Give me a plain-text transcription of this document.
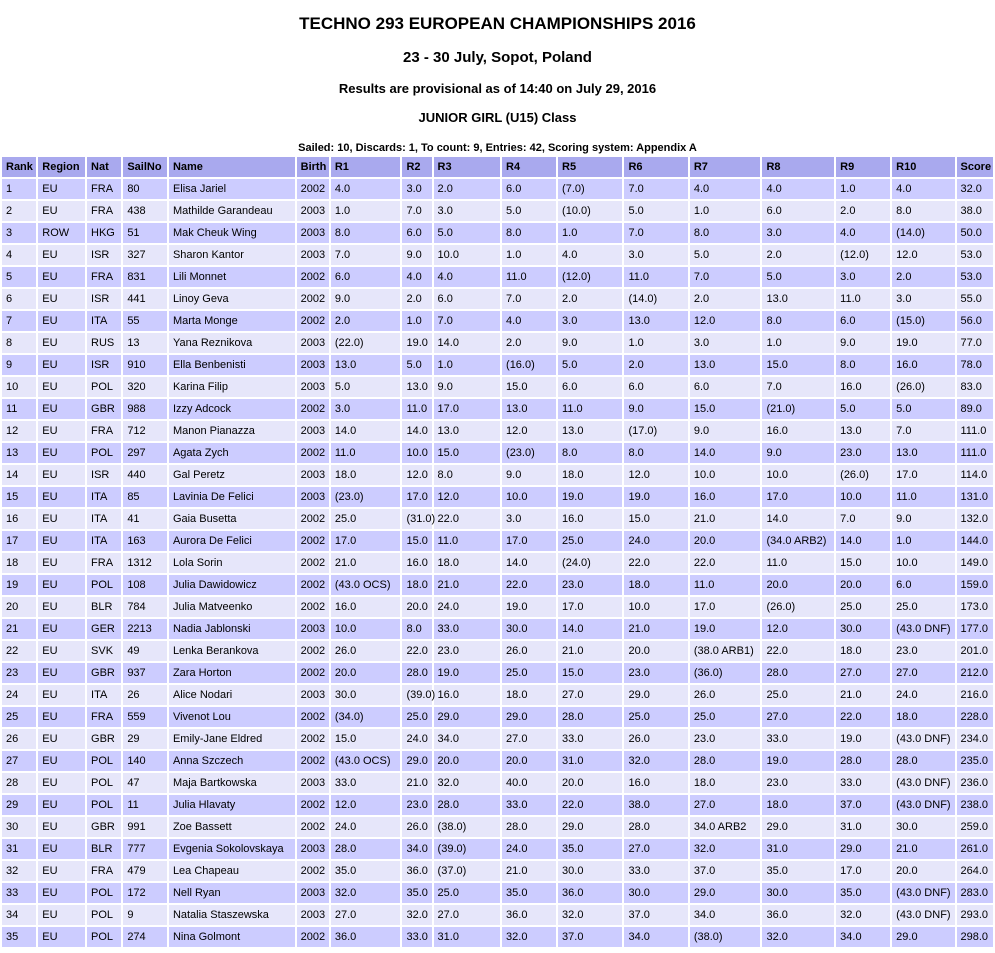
TECHNO 293 EUROPEAN CHAMPIONSHIPS 2016
23 - 30 July, Sopot, Poland
Results are provisional as of 14:40 on July 29, 2016
JUNIOR GIRL (U15) Class
Sailed: 10, Discards: 1, To count: 9, Entries: 42, Scoring system: Appendix A
Rank	Region	Nat	SailNo	Name	Birth	R1	R2	R3	R4	R5	R6	R7	R8	R9	R10	Score
1	EU	FRA	80	Elisa Jariel	2002	4.0	3.0	2.0	6.0	(7.0)	7.0	4.0	4.0	1.0	4.0	32.0
2	EU	FRA	438	Mathilde Garandeau	2003	1.0	7.0	3.0	5.0	(10.0)	5.0	1.0	6.0	2.0	8.0	38.0
3	ROW	HKG	51	Mak Cheuk Wing	2003	8.0	6.0	5.0	8.0	1.0	7.0	8.0	3.0	4.0	(14.0)	50.0
4	EU	ISR	327	Sharon Kantor	2003	7.0	9.0	10.0	1.0	4.0	3.0	5.0	2.0	(12.0)	12.0	53.0
5	EU	FRA	831	Lili Monnet	2002	6.0	4.0	4.0	11.0	(12.0)	11.0	7.0	5.0	3.0	2.0	53.0
6	EU	ISR	441	Linoy Geva	2002	9.0	2.0	6.0	7.0	2.0	(14.0)	2.0	13.0	11.0	3.0	55.0
7	EU	ITA	55	Marta Monge	2002	2.0	1.0	7.0	4.0	3.0	13.0	12.0	8.0	6.0	(15.0)	56.0
8	EU	RUS	13	Yana Reznikova	2003	(22.0)	19.0	14.0	2.0	9.0	1.0	3.0	1.0	9.0	19.0	77.0
9	EU	ISR	910	Ella Benbenisti	2003	13.0	5.0	1.0	(16.0)	5.0	2.0	13.0	15.0	8.0	16.0	78.0
10	EU	POL	320	Karina Filip	2003	5.0	13.0	9.0	15.0	6.0	6.0	6.0	7.0	16.0	(26.0)	83.0
11	EU	GBR	988	Izzy Adcock	2002	3.0	11.0	17.0	13.0	11.0	9.0	15.0	(21.0)	5.0	5.0	89.0
12	EU	FRA	712	Manon Pianazza	2003	14.0	14.0	13.0	12.0	13.0	(17.0)	9.0	16.0	13.0	7.0	111.0
13	EU	POL	297	Agata Zych	2002	11.0	10.0	15.0	(23.0)	8.0	8.0	14.0	9.0	23.0	13.0	111.0
14	EU	ISR	440	Gal Peretz	2003	18.0	12.0	8.0	9.0	18.0	12.0	10.0	10.0	(26.0)	17.0	114.0
15	EU	ITA	85	Lavinia De Felici	2003	(23.0)	17.0	12.0	10.0	19.0	19.0	16.0	17.0	10.0	11.0	131.0
16	EU	ITA	41	Gaia Busetta	2002	25.0	(31.0)	22.0	3.0	16.0	15.0	21.0	14.0	7.0	9.0	132.0
17	EU	ITA	163	Aurora De Felici	2002	17.0	15.0	11.0	17.0	25.0	24.0	20.0	(34.0 ARB2)	14.0	1.0	144.0
18	EU	FRA	1312	Lola Sorin	2002	21.0	16.0	18.0	14.0	(24.0)	22.0	22.0	11.0	15.0	10.0	149.0
19	EU	POL	108	Julia Dawidowicz	2002	(43.0 OCS)	18.0	21.0	22.0	23.0	18.0	11.0	20.0	20.0	6.0	159.0
20	EU	BLR	784	Julia Matveenko	2002	16.0	20.0	24.0	19.0	17.0	10.0	17.0	(26.0)	25.0	25.0	173.0
21	EU	GER	2213	Nadia Jablonski	2003	10.0	8.0	33.0	30.0	14.0	21.0	19.0	12.0	30.0	(43.0 DNF)	177.0
22	EU	SVK	49	Lenka Berankova	2002	26.0	22.0	23.0	26.0	21.0	20.0	(38.0 ARB1)	22.0	18.0	23.0	201.0
23	EU	GBR	937	Zara Horton	2002	20.0	28.0	19.0	25.0	15.0	23.0	(36.0)	28.0	27.0	27.0	212.0
24	EU	ITA	26	Alice Nodari	2003	30.0	(39.0)	16.0	18.0	27.0	29.0	26.0	25.0	21.0	24.0	216.0
25	EU	FRA	559	Vivenot Lou	2002	(34.0)	25.0	29.0	29.0	28.0	25.0	25.0	27.0	22.0	18.0	228.0
26	EU	GBR	29	Emily-Jane Eldred	2002	15.0	24.0	34.0	27.0	33.0	26.0	23.0	33.0	19.0	(43.0 DNF)	234.0
27	EU	POL	140	Anna Szczech	2002	(43.0 OCS)	29.0	20.0	20.0	31.0	32.0	28.0	19.0	28.0	28.0	235.0
28	EU	POL	47	Maja Bartkowska	2003	33.0	21.0	32.0	40.0	20.0	16.0	18.0	23.0	33.0	(43.0 DNF)	236.0
29	EU	POL	11	Julia Hlavaty	2002	12.0	23.0	28.0	33.0	22.0	38.0	27.0	18.0	37.0	(43.0 DNF)	238.0
30	EU	GBR	991	Zoe Bassett	2002	24.0	26.0	(38.0)	28.0	29.0	28.0	34.0 ARB2	29.0	31.0	30.0	259.0
31	EU	BLR	777	Evgenia Sokolovskaya	2003	28.0	34.0	(39.0)	24.0	35.0	27.0	32.0	31.0	29.0	21.0	261.0
32	EU	FRA	479	Lea Chapeau	2002	35.0	36.0	(37.0)	21.0	30.0	33.0	37.0	35.0	17.0	20.0	264.0
33	EU	POL	172	Nell Ryan	2003	32.0	35.0	25.0	35.0	36.0	30.0	29.0	30.0	35.0	(43.0 DNF)	283.0
34	EU	POL	9	Natalia Staszewska	2003	27.0	32.0	27.0	36.0	32.0	37.0	34.0	36.0	32.0	(43.0 DNF)	293.0
35	EU	POL	274	Nina Golmont	2002	36.0	33.0	31.0	32.0	37.0	34.0	(38.0)	32.0	34.0	29.0	298.0
